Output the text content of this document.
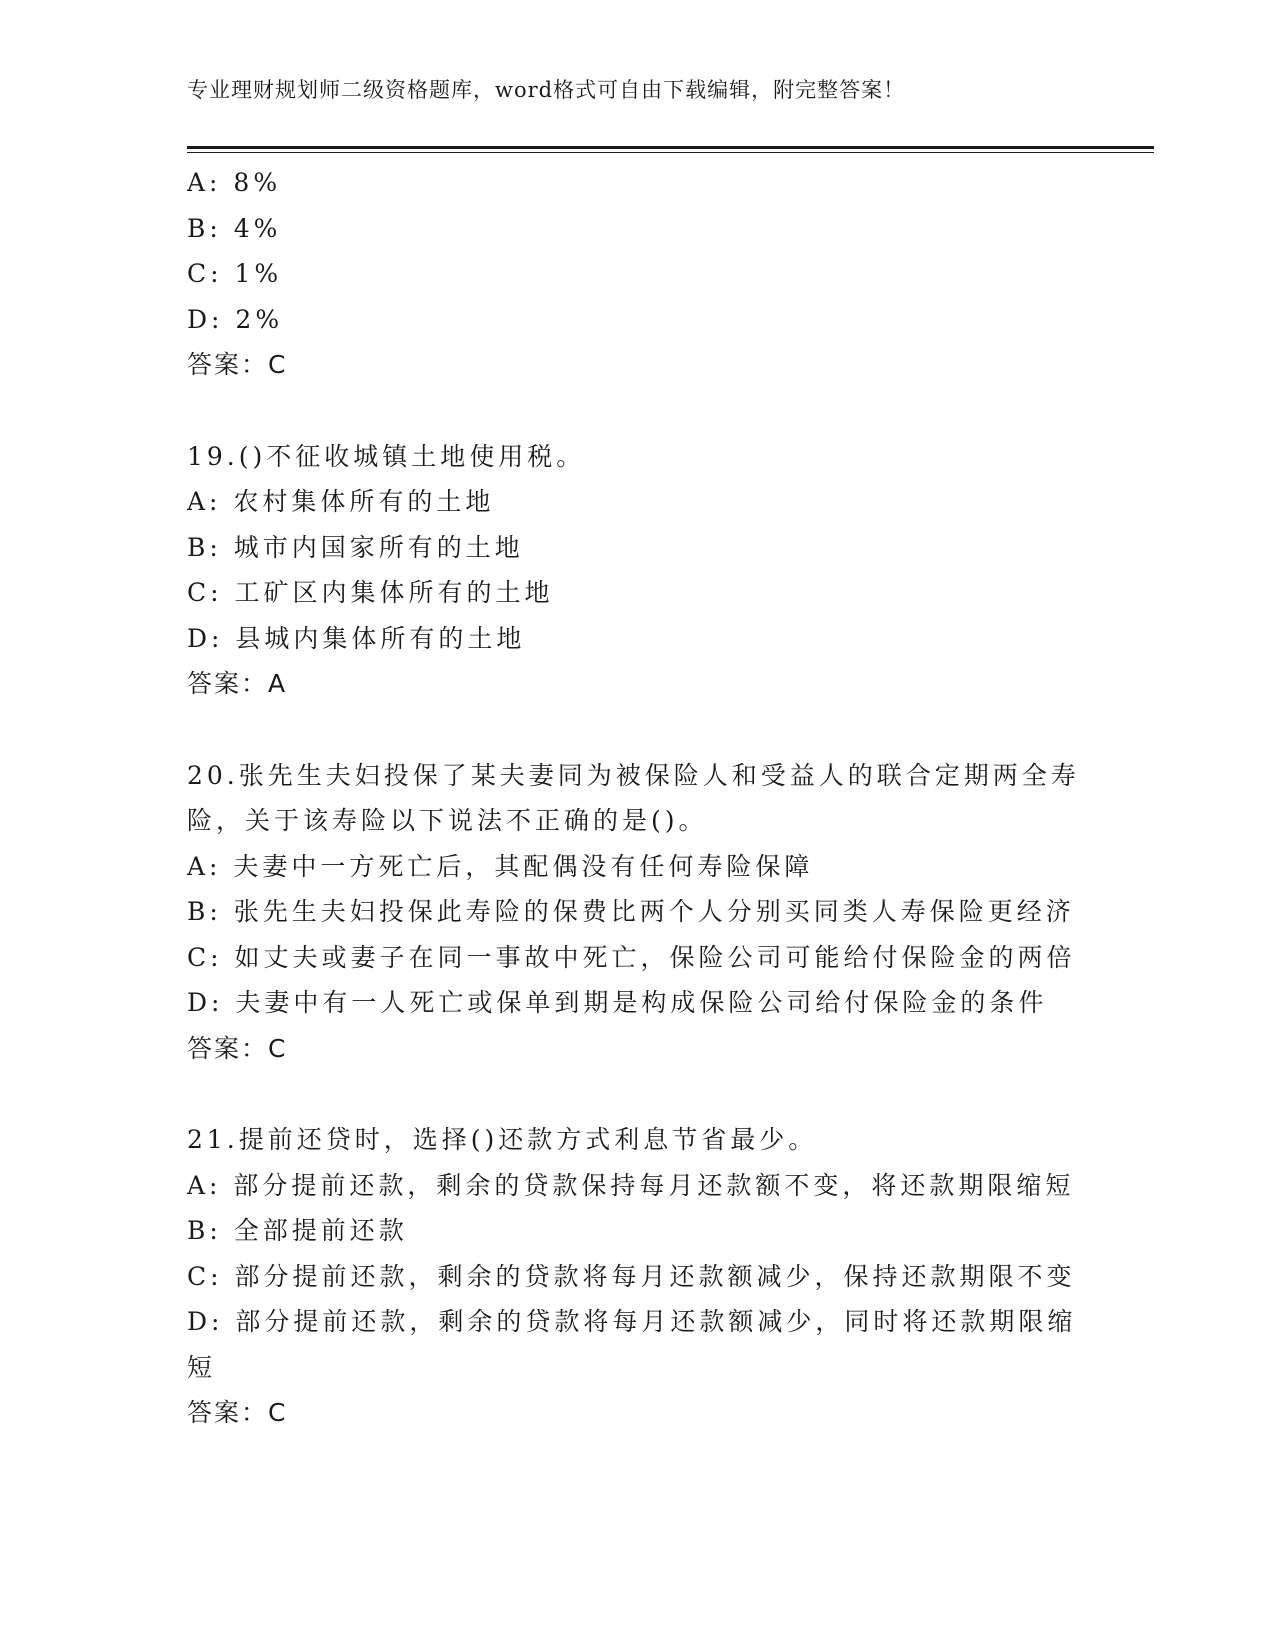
专业理财规划师二级资格题库，word格式可自由下载编辑，附完整答案！
A: 8%
B: 4%
C: 1%
D: 2%
答案：C
19.()不征收城镇土地使用税。
A: 农村集体所有的土地
B: 城市内国家所有的土地
C: 工矿区内集体所有的土地
D: 县城内集体所有的土地
答案：A
20.张先生夫妇投保了某夫妻同为被保险人和受益人的联合定期两全寿
险，关于该寿险以下说法不正确的是()。
A: 夫妻中一方死亡后，其配偶没有任何寿险保障
B: 张先生夫妇投保此寿险的保费比两个人分别买同类人寿保险更经济
C: 如丈夫或妻子在同一事故中死亡，保险公司可能给付保险金的两倍
D: 夫妻中有一人死亡或保单到期是构成保险公司给付保险金的条件
答案：C
21.提前还贷时，选择()还款方式利息节省最少。
A: 部分提前还款，剩余的贷款保持每月还款额不变，将还款期限缩短
B: 全部提前还款
C: 部分提前还款，剩余的贷款将每月还款额减少，保持还款期限不变
D: 部分提前还款，剩余的贷款将每月还款额减少，同时将还款期限缩
短
答案：C
